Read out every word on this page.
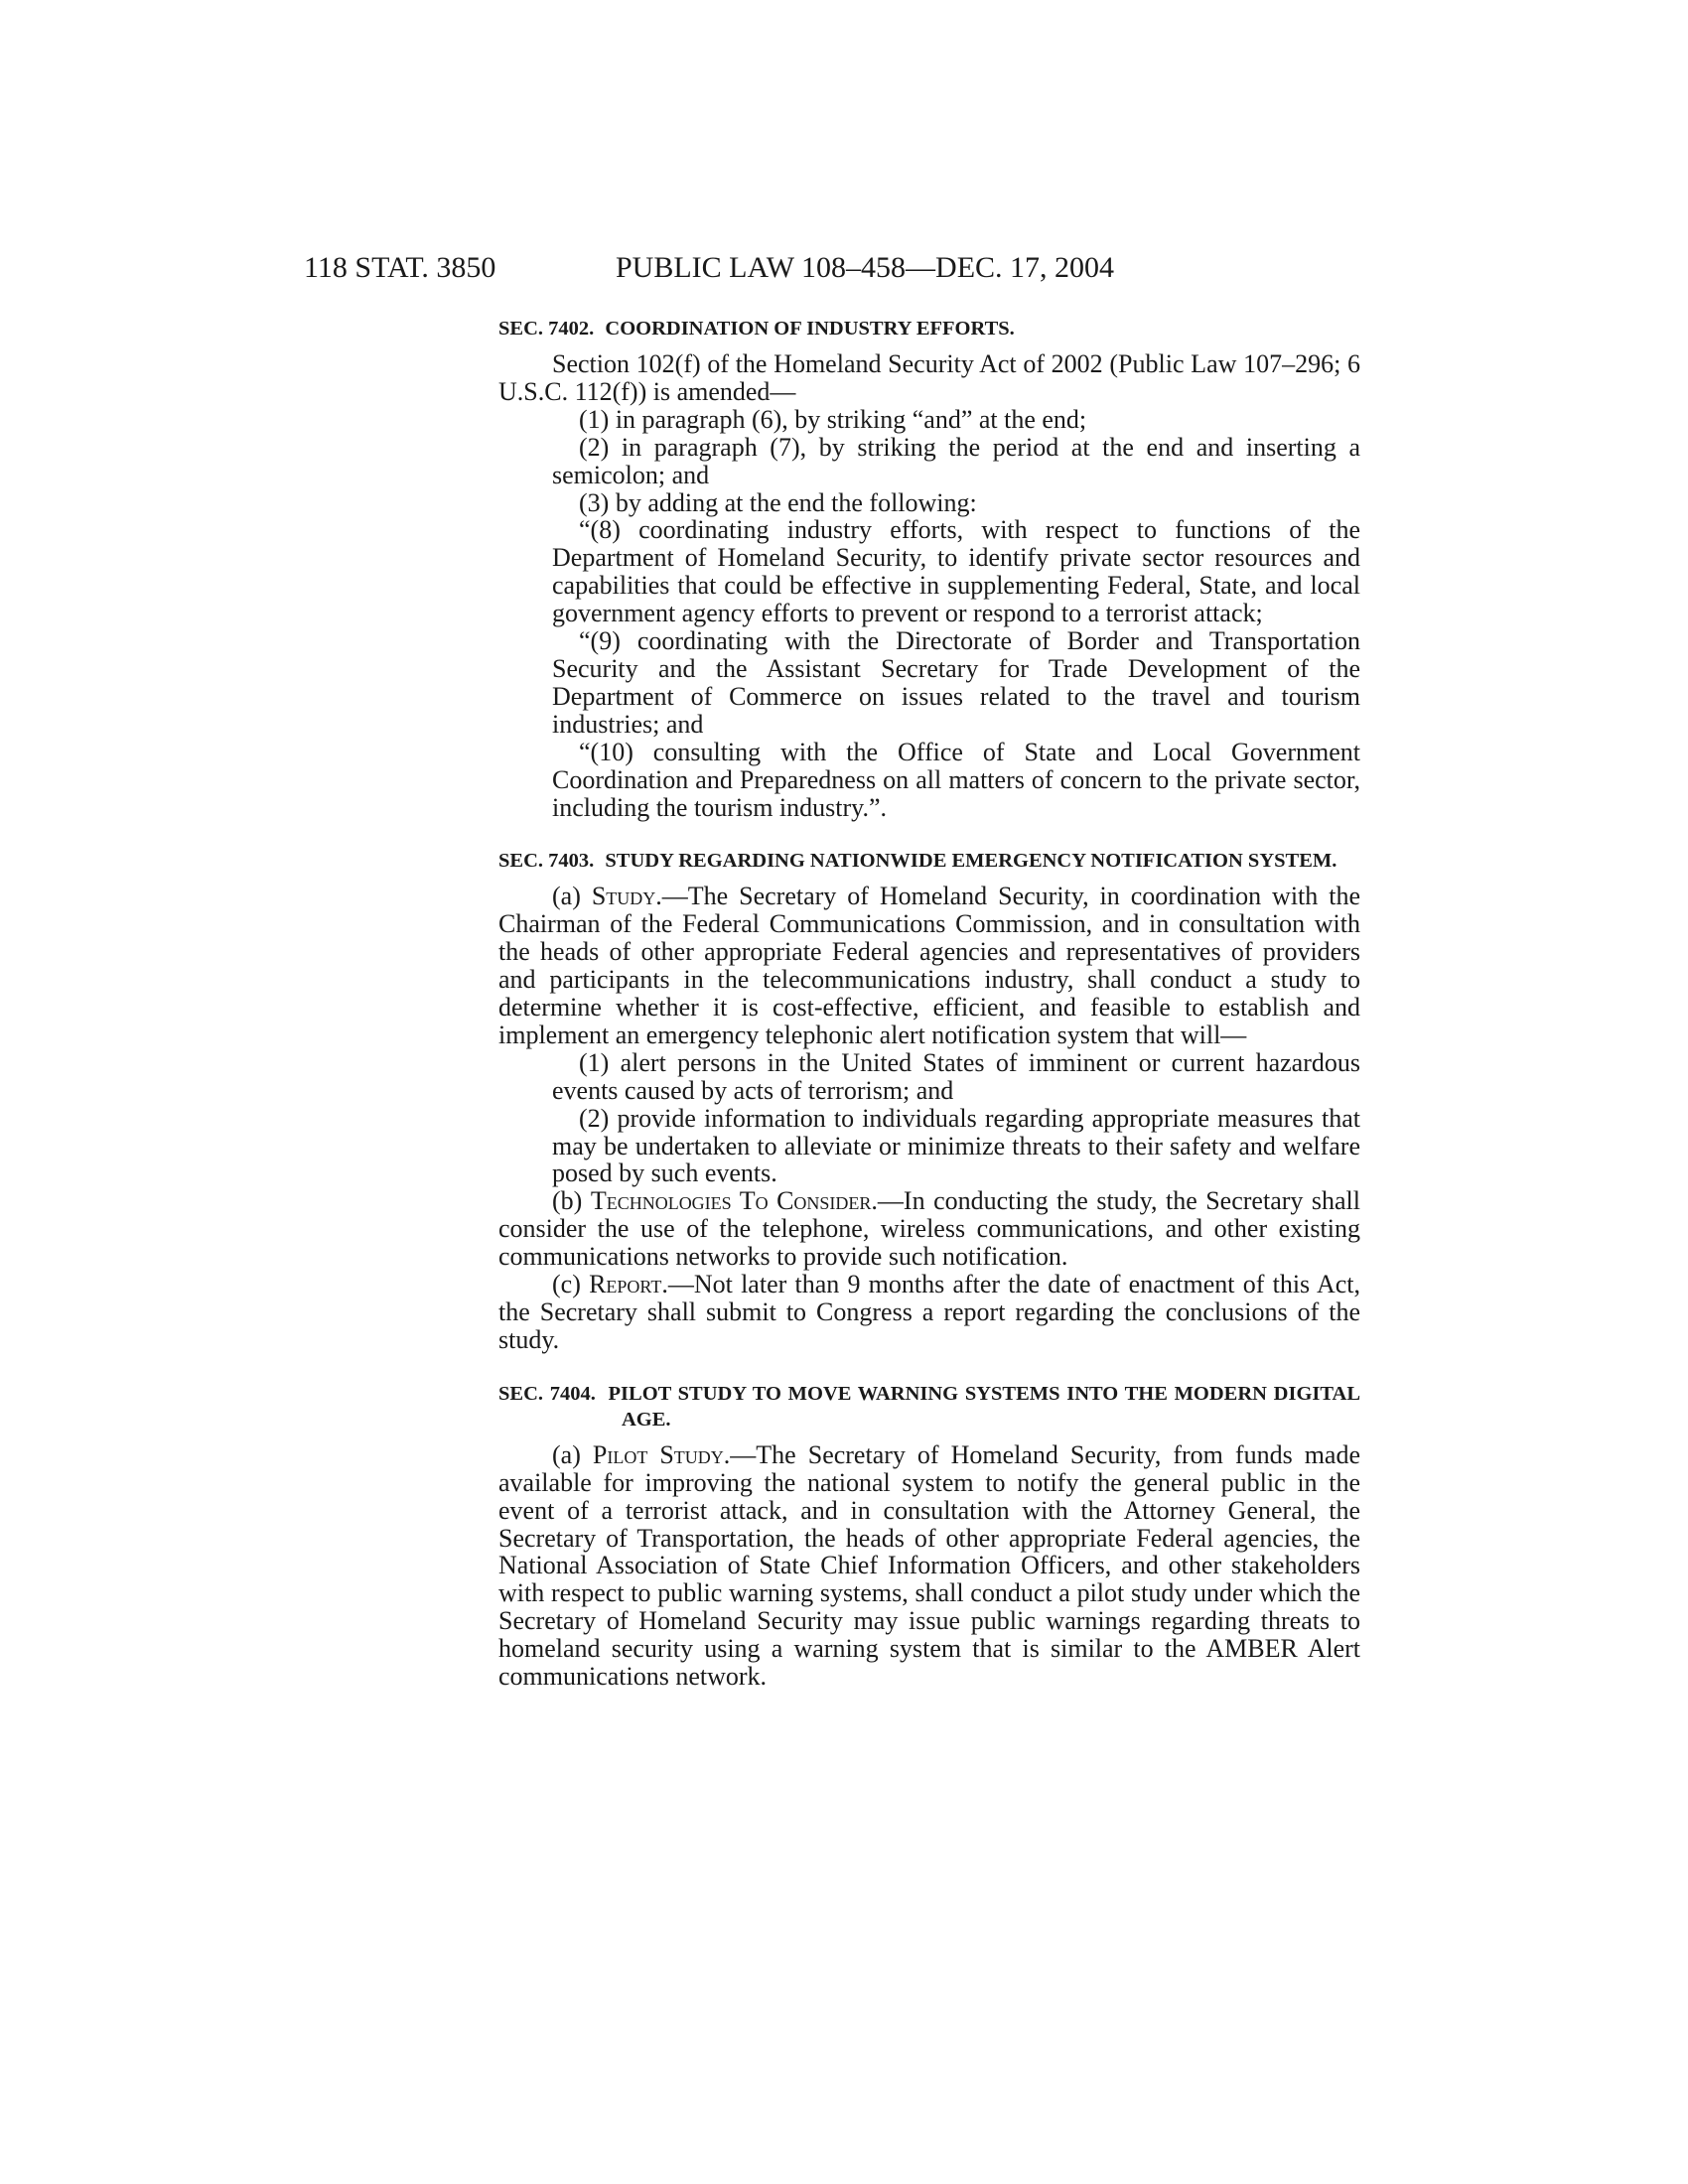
118 STAT. 3850	PUBLIC LAW 108–458—DEC. 17, 2004
SEC. 7402. COORDINATION OF INDUSTRY EFFORTS.

Section 102(f) of the Homeland Security Act of 2002 (Public Law 107–296; 6 U.S.C. 112(f)) is amended—

(1) in paragraph (6), by striking “and” at the end;

(2) in paragraph (7), by striking the period at the end and inserting a semicolon; and

(3) by adding at the end the following:

“(8) coordinating industry efforts, with respect to functions of the Department of Homeland Security, to identify private sector resources and capabilities that could be effective in supplementing Federal, State, and local government agency efforts to prevent or respond to a terrorist attack;

“(9) coordinating with the Directorate of Border and Transportation Security and the Assistant Secretary for Trade Development of the Department of Commerce on issues related to the travel and tourism industries; and

“(10) consulting with the Office of State and Local Government Coordination and Preparedness on all matters of concern to the private sector, including the tourism industry.”.

SEC. 7403. STUDY REGARDING NATIONWIDE EMERGENCY NOTIFICATION SYSTEM.

(a) Study.—The Secretary of Homeland Security, in coordination with the Chairman of the Federal Communications Commission, and in consultation with the heads of other appropriate Federal agencies and representatives of providers and participants in the telecommunications industry, shall conduct a study to determine whether it is cost-effective, efficient, and feasible to establish and implement an emergency telephonic alert notification system that will—

(1) alert persons in the United States of imminent or current hazardous events caused by acts of terrorism; and

(2) provide information to individuals regarding appropriate measures that may be undertaken to alleviate or minimize threats to their safety and welfare posed by such events.

(b) Technologies To Consider.—In conducting the study, the Secretary shall consider the use of the telephone, wireless communications, and other existing communications networks to provide such notification.

(c) Report.—Not later than 9 months after the date of enactment of this Act, the Secretary shall submit to Congress a report regarding the conclusions of the study.

SEC. 7404. PILOT STUDY TO MOVE WARNING SYSTEMS INTO THE MODERN DIGITAL AGE.

(a) Pilot Study.—The Secretary of Homeland Security, from funds made available for improving the national system to notify the general public in the event of a terrorist attack, and in consultation with the Attorney General, the Secretary of Transportation, the heads of other appropriate Federal agencies, the National Association of State Chief Information Officers, and other stakeholders with respect to public warning systems, shall conduct a pilot study under which the Secretary of Homeland Security may issue public warnings regarding threats to homeland security using a warning system that is similar to the AMBER Alert communications network.
